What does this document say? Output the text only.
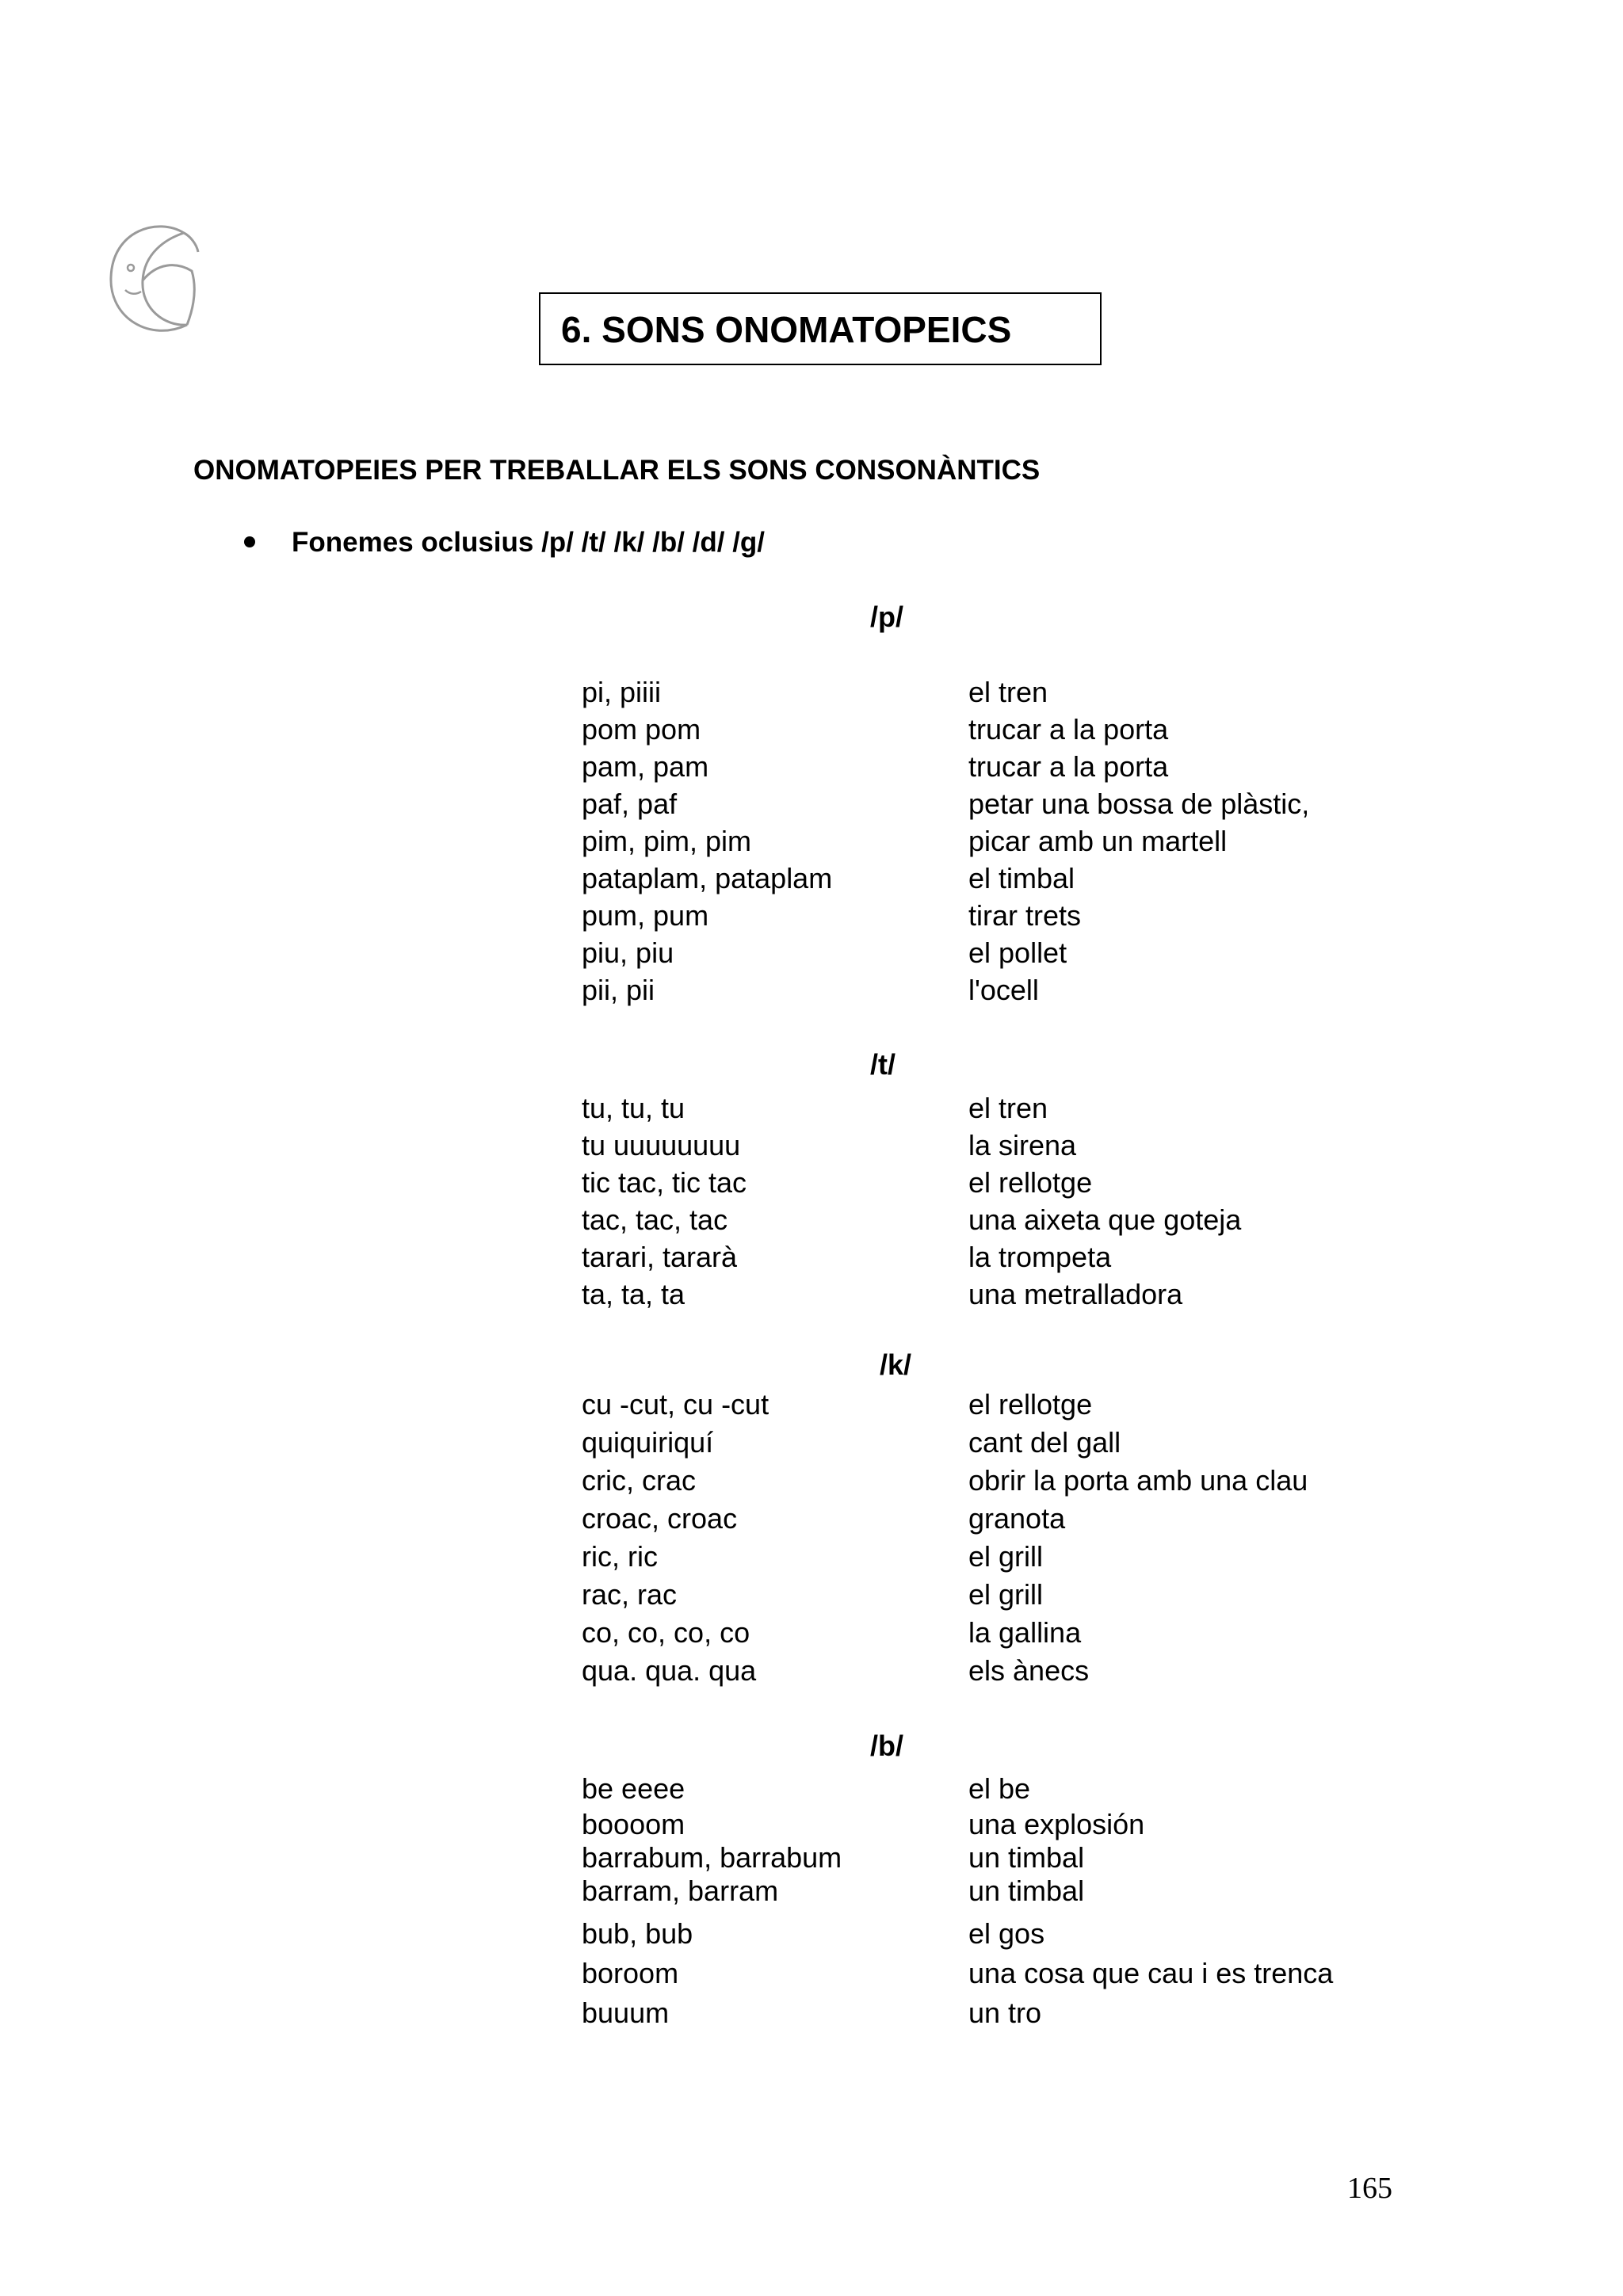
6. SONS ONOMATOPEICS
ONOMATOPEIES PER TREBALLAR ELS SONS CONSONÀNTICS
Fonemes oclusius /p/ /t/ /k/ /b/ /d/ /g/
/p/
pi, piiii	el tren
pom pom	trucar a la porta
pam, pam	trucar a la porta
paf, paf	petar una bossa de plàstic,
pim, pim, pim	picar amb un martell
pataplam, pataplam	el timbal
pum, pum	tirar trets
piu, piu	el pollet
pii, pii	l'ocell
/t/
tu, tu, tu	el tren
tu uuuuuuuu	la sirena
tic tac, tic tac	el rellotge
tac, tac, tac	una aixeta que goteja
tarari, tararà	la trompeta
ta, ta, ta	una metralladora
/k/
cu -cut, cu -cut	el rellotge
quiquiriquí	cant del gall
cric, crac	obrir la porta amb una clau
croac, croac	granota
ric, ric	el grill
rac, rac	el grill
co, co, co, co	la gallina
qua. qua. qua	els ànecs
/b/
be eeee	el be
boooom	una explosión
barrabum, barrabum	un timbal
barram, barram	un timbal
bub, bub	el gos
boroom	una cosa que cau i es trenca
buuum	un tro
165
